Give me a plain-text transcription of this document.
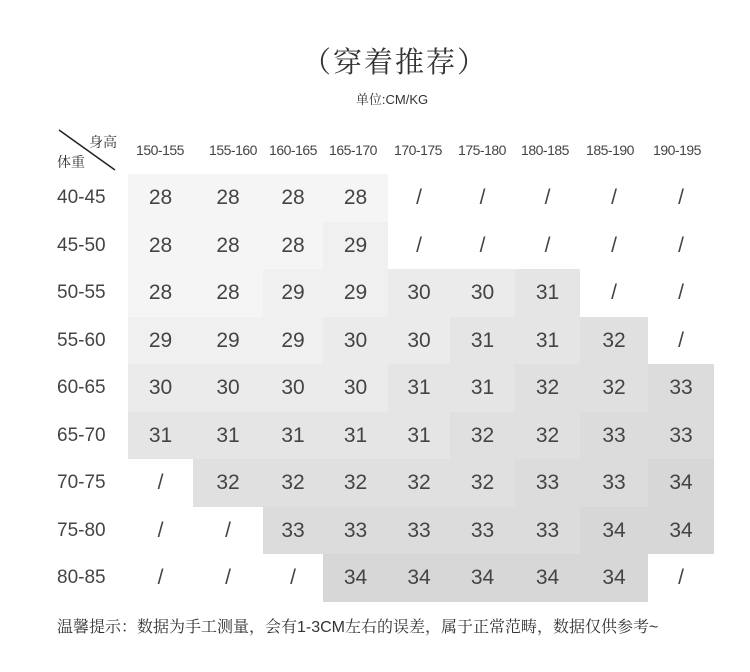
（穿着推荐）
单位:CM/KG
身高
体重
150-155	155-160 160-165 165-170	170-175	175-180	180-185	185-190	190-195
40-45	28	28	28	28	/	/	/	/	/
45-50	28	28	28	29	/	/	/	/	/
50-55	28	28	29	29	30	30	31	/	/
55-60	29	29	29	30	30	31	31	32	/
60-65	30	30	30	30	31	31	32	32	33
65-70	31	31	31	31	31	32	32	33	33
70-75	/	32	32	32	32	32	33	33	34
75-80	/	/	33	33	33	33	33	34	34
80-85	/	/	/	34	34	34	34	34	/
温馨提示：数据为手工测量，会有1-3CM左右的误差，属于正常范畴，数据仅供参考~
